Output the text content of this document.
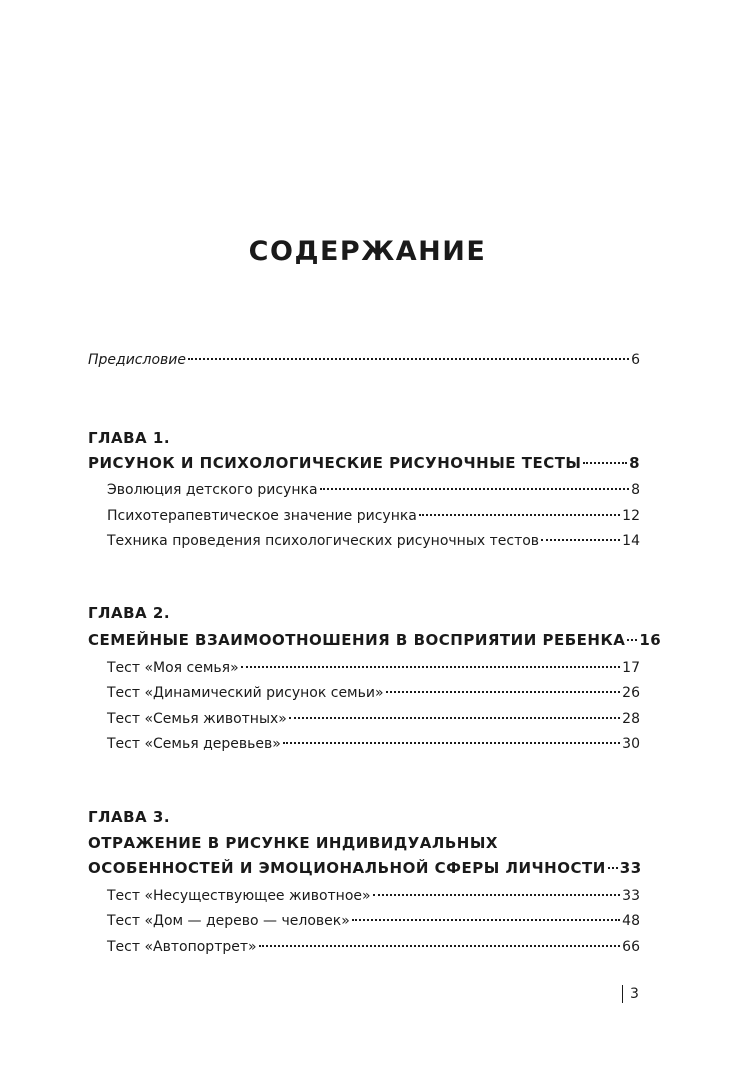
СОДЕРЖАНИЕ
Предисловие	6
ГЛАВА 1.
РИСУНОК И ПСИХОЛОГИЧЕСКИЕ РИСУНОЧНЫЕ ТЕСТЫ	8
Эволюция детского рисунка	8
Психотерапевтическое значение рисунка	12
Техника проведения психологических рисуночных тестов	14
ГЛАВА 2.
СЕМЕЙНЫЕ ВЗАИМООТНОШЕНИЯ В ВОСПРИЯТИИ РЕБЕНКА 16
Тест «Моя семья»	17
Тест «Динамический рисунок семьи»	26
Тест «Семья животных»	28
Тест «Семья деревьев»	30
ГЛАВА 3.
ОТРАЖЕНИЕ В РИСУНКЕ ИНДИВИДУАЛЬНЫХ
ОСОБЕННОСТЕЙ И ЭМОЦИОНАЛЬНОЙ СФЕРЫ ЛИЧНОСТИ 33
Тест «Несуществующее животное»	33
Тест «Дом — дерево — человек»	48
Тест «Автопортрет»	66
3
